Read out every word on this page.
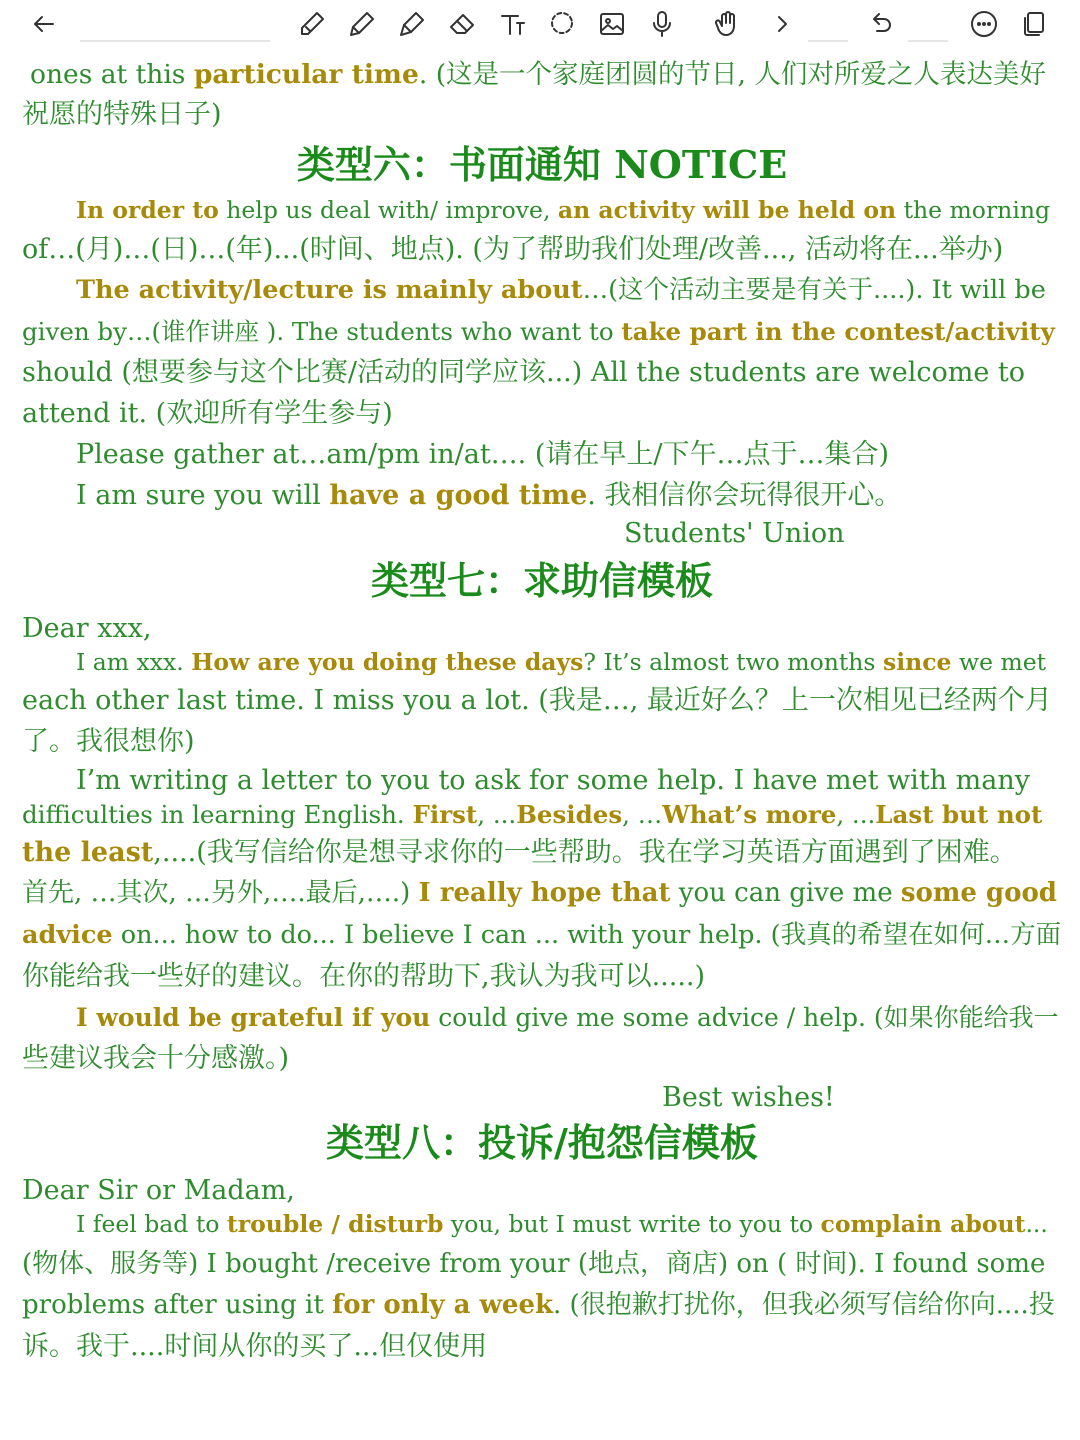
ones at this particular time. (这是一个家庭团圆的节日, 人们对所爱之人表达美好
祝愿的特殊日子)
类型六：书面通知 NOTICE
In order to help us deal with/ improve, an activity will be held on the morning
of…(月)…(日)…(年)...(时间、地点). (为了帮助我们处理/改善..., 活动将在...举办)
The activity/lecture is mainly about…(这个活动主要是有关于....). It will be
given by…(谁作讲座 ). The students who want to take part in the contest/activity
should (想要参与这个比赛/活动的同学应该...) All the students are welcome to
attend it. (欢迎所有学生参与)
Please gather at…am/pm in/at…. (请在早上/下午…点于…集合)
I am sure you will have a good time. 我相信你会玩得很开心。
Students' Union
类型七：求助信模板
Dear xxx,
I am xxx. How are you doing these days? It’s almost two months since we met
each other last time. I miss you a lot. (我是…, 最近好么？上一次相见已经两个月
了。我很想你)
I’m writing a letter to you to ask for some help. I have met with many
difficulties in learning English. First, ...Besides, …What’s more, ...Last but not
the least,....(我写信给你是想寻求你的一些帮助。我在学习英语方面遇到了困难。
首先, …其次, …另外,….最后,….) I really hope that you can give me some good
advice on... how to do... I believe I can ... with your help. (我真的希望在如何…方面
你能给我一些好的建议。在你的帮助下,我认为我可以.....)
I would be grateful if you could give me some advice / help. (如果你能给我一
些建议我会十分感激。)
Best wishes!
类型八：投诉/抱怨信模板
Dear Sir or Madam,
I feel bad to trouble / disturb you, but I must write to you to complain about...
(物体、服务等) I bought /receive from your (地点，商店) on ( 时间). I found some
problems after using it for only a week. (很抱歉打扰你，但我必须写信给你向....投
诉。我于....时间从你的买了...但仅使用
